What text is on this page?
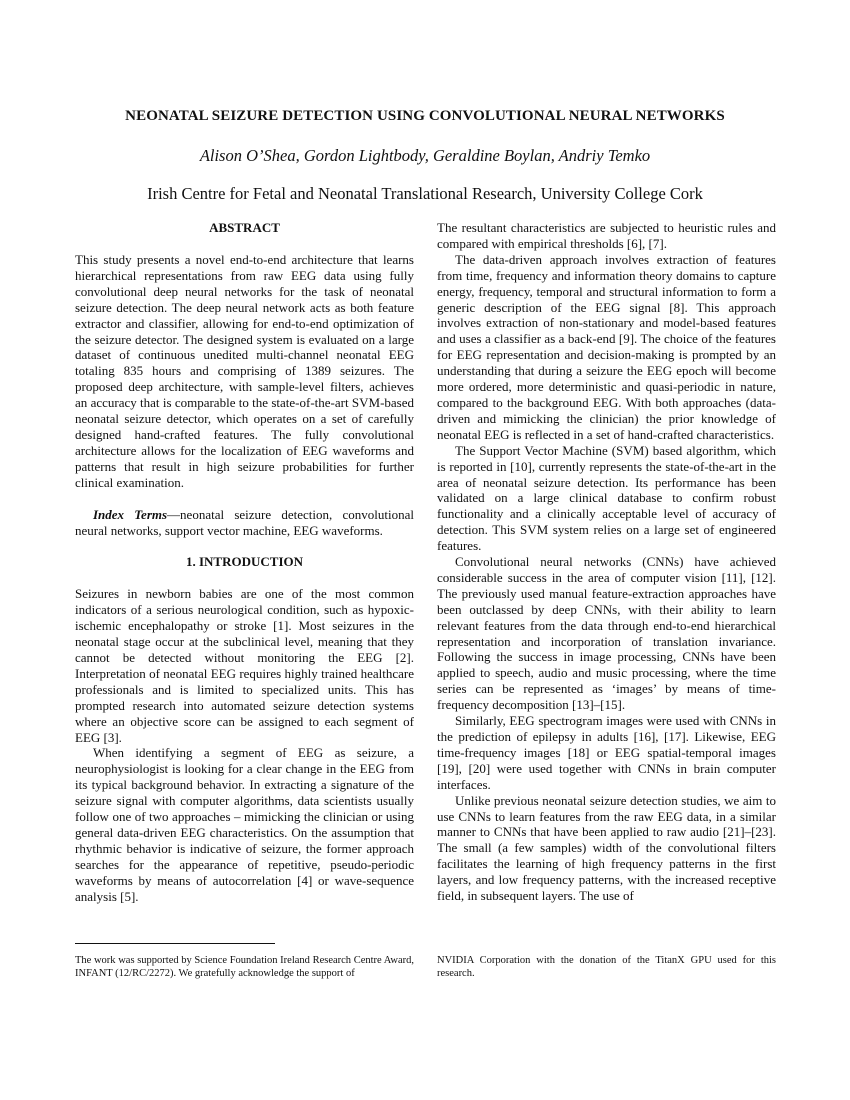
NEONATAL SEIZURE DETECTION USING CONVOLUTIONAL NEURAL NETWORKS
Alison O’Shea, Gordon Lightbody, Geraldine Boylan, Andriy Temko
Irish Centre for Fetal and Neonatal Translational Research, University College Cork
ABSTRACT

This study presents a novel end-to-end architecture that learns hierarchical representations from raw EEG data using fully convolutional deep neural networks for the task of neonatal seizure detection. The deep neural network acts as both feature extractor and classifier, allowing for end-to-end optimization of the seizure detector. The designed system is evaluated on a large dataset of continuous unedited multi-channel neonatal EEG totaling 835 hours and comprising of 1389 seizures. The proposed deep architecture, with sample-level filters, achieves an accuracy that is comparable to the state-of-the-art SVM-based neonatal seizure detector, which operates on a set of carefully designed hand-crafted features. The fully convolutional architecture allows for the localization of EEG waveforms and patterns that result in high seizure probabilities for further clinical examination.

Index Terms—neonatal seizure detection, convolutional neural networks, support vector machine, EEG waveforms.

1. INTRODUCTION

Seizures in newborn babies are one of the most common indicators of a serious neurological condition, such as hypoxic-ischemic encephalopathy or stroke [1]. Most seizures in the neonatal stage occur at the subclinical level, meaning that they cannot be detected without monitoring the EEG [2]. Interpretation of neonatal EEG requires highly trained healthcare professionals and is limited to specialized units. This has prompted research into automated seizure detection systems where an objective score can be assigned to each segment of EEG [3].

When identifying a segment of EEG as seizure, a neurophysiologist is looking for a clear change in the EEG from its typical background behavior. In extracting a signature of the seizure signal with computer algorithms, data scientists usually follow one of two approaches – mimicking the clinician or using general data-driven EEG characteristics. On the assumption that rhythmic behavior is indicative of seizure, the former approach searches for the appearance of repetitive, pseudo-periodic waveforms by means of autocorrelation [4] or wave-sequence analysis [5].

The resultant characteristics are subjected to heuristic rules and compared with empirical thresholds [6], [7].

The data-driven approach involves extraction of features from time, frequency and information theory domains to capture energy, frequency, temporal and structural information to form a generic description of the EEG signal [8]. This approach involves extraction of non-stationary and model-based features and uses a classifier as a back-end [9]. The choice of the features for EEG representation and decision-making is prompted by an understanding that during a seizure the EEG epoch will become more ordered, more deterministic and quasi-periodic in nature, compared to the background EEG. With both approaches (data-driven and mimicking the clinician) the prior knowledge of neonatal EEG is reflected in a set of hand-crafted characteristics.

The Support Vector Machine (SVM) based algorithm, which is reported in [10], currently represents the state-of-the-art in the area of neonatal seizure detection. Its performance has been validated on a large clinical database to confirm robust functionality and a clinically acceptable level of accuracy of detection. This SVM system relies on a large set of engineered features.

Convolutional neural networks (CNNs) have achieved considerable success in the area of computer vision [11], [12]. The previously used manual feature-extraction approaches have been outclassed by deep CNNs, with their ability to learn relevant features from the data through end-to-end hierarchical representation and incorporation of translation invariance. Following the success in image processing, CNNs have been applied to speech, audio and music processing, where the time series can be represented as ‘images’ by means of time-frequency decomposition [13]–[15].

Similarly, EEG spectrogram images were used with CNNs in the prediction of epilepsy in adults [16], [17]. Likewise, EEG time-frequency images [18] or EEG spatial-temporal images [19], [20] were used together with CNNs in brain computer interfaces.

Unlike previous neonatal seizure detection studies, we aim to use CNNs to learn features from the raw EEG data, in a similar manner to CNNs that have been applied to raw audio [21]–[23]. The small (a few samples) width of the convolutional filters facilitates the learning of high frequency patterns in the first layers, and low frequency patterns, with the increased receptive field, in subsequent layers. The use of

The work was supported by Science Foundation Ireland Research Centre Award, INFANT (12/RC/2272). We gratefully acknowledge the support of
NVIDIA Corporation with the donation of the TitanX GPU used for this research.
